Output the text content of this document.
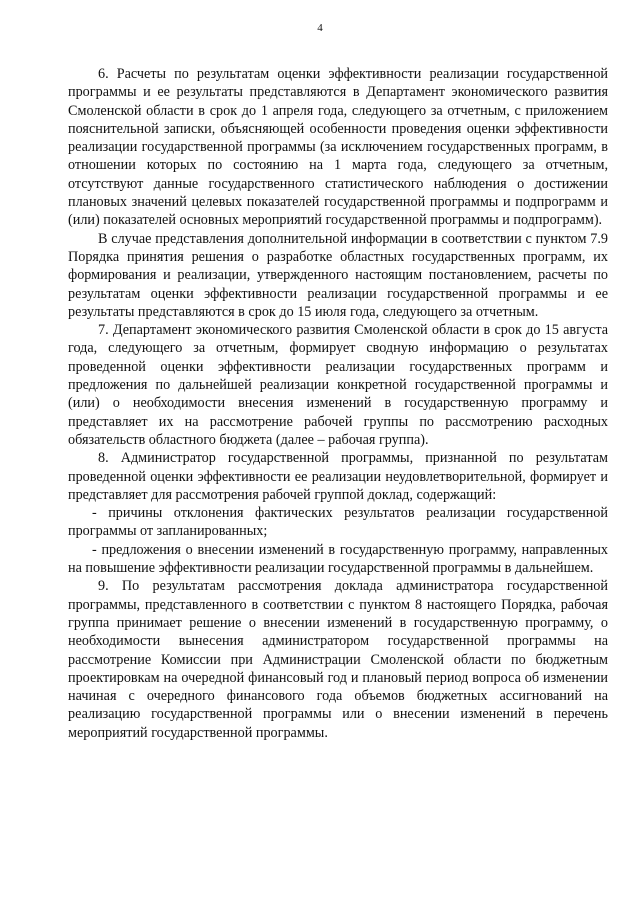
4

6. Расчеты по результатам оценки эффективности реализации государственной программы и ее результаты представляются в Департамент экономического развития Смоленской области в срок до 1 апреля года, следующего за отчетным, с приложением пояснительной записки, объясняющей особенности проведения оценки эффективности реализации государственной программы (за исключением государственных программ, в отношении которых по состоянию на 1 марта года, следующего за отчетным, отсутствуют данные государственного статистического наблюдения о достижении плановых значений целевых показателей государственной программы и подпрограмм и (или) показателей основных мероприятий государственной программы и подпрограмм).

В случае представления дополнительной информации в соответствии с пунктом 7.9 Порядка принятия решения о разработке областных государственных программ, их формирования и реализации, утвержденного настоящим постановлением, расчеты по результатам оценки эффективности реализации государственной программы и ее результаты представляются в срок до 15 июля года, следующего за отчетным.

7. Департамент экономического развития Смоленской области в срок до 15 августа года, следующего за отчетным, формирует сводную информацию о результатах проведенной оценки эффективности реализации государственных программ и предложения по дальнейшей реализации конкретной государственной программы и (или) о необходимости внесения изменений в государственную программу и представляет их на рассмотрение рабочей группы по рассмотрению расходных обязательств областного бюджета (далее – рабочая группа).

8. Администратор государственной программы, признанной по результатам проведенной оценки эффективности ее реализации неудовлетворительной, формирует и представляет для рассмотрения рабочей группой доклад, содержащий:

- причины отклонения фактических результатов реализации государственной программы от запланированных;

- предложения о внесении изменений в государственную программу, направленных на повышение эффективности реализации государственной программы в дальнейшем.

9. По результатам рассмотрения доклада администратора государственной программы, представленного в соответствии с пунктом 8 настоящего Порядка, рабочая группа принимает решение о внесении изменений в государственную программу, о необходимости вынесения администратором государственной программы на рассмотрение Комиссии при Администрации Смоленской области по бюджетным проектировкам на очередной финансовый год и плановый период вопроса об изменении начиная с очередного финансового года объемов бюджетных ассигнований на реализацию государственной программы или о внесении изменений в перечень мероприятий государственной программы.
